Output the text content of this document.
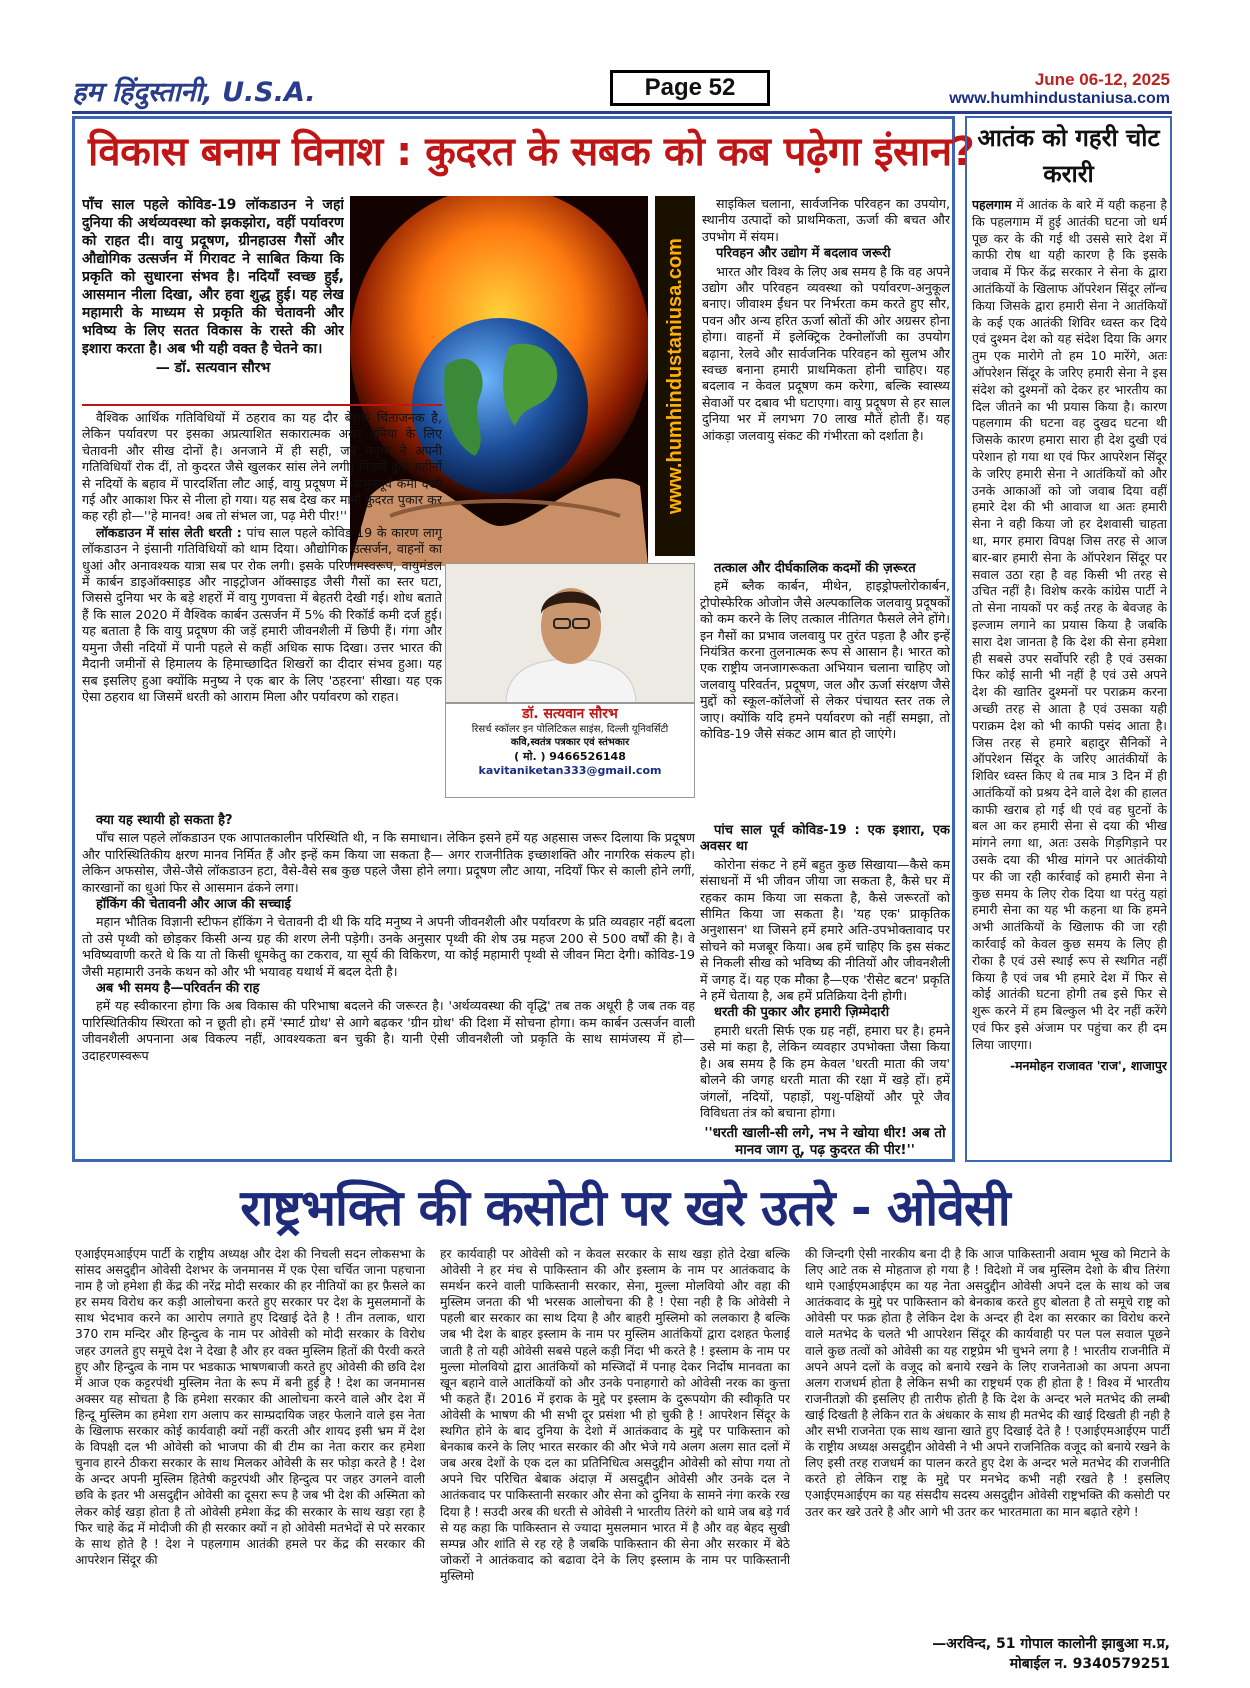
हम हिंदुस्तानी, U.S.A.	Page 52	June 06-12, 2025
www.humhindustaniusa.com
विकास बनाम विनाश : कुदरत के सबक को कब पढ़ेगा इंसान?
पाँच साल पहले कोविड-19 लॉकडाउन ने जहां दुनिया की अर्थव्यवस्था को झकझोरा, वहीं पर्यावरण को राहत दी। वायु प्रदूषण, ग्रीनहाउस गैसों और औद्योगिक उत्सर्जन में गिरावट ने साबित किया कि प्रकृति को सुधारना संभव है। नदियाँ स्वच्छ हुईं, आसमान नीला दिखा, और हवा शुद्ध हुई। यह लेख महामारी के माध्यम से प्रकृति की चेतावनी और भविष्य के लिए सतत विकास के रास्ते की ओर इशारा करता है। अब भी यही वक्त है चेतने का।
— डॉ. सत्यवान सौरभ	www.humhindustaniusa.com
डॉ. सत्यवान सौरभ
रिसर्च स्कॉलर इन पोलिटिकल साइंस, दिल्ली यूनिवर्सिटी
कवि,स्वतंत्र पत्रकार एवं स्तंभकार
( मो. ) 9466526148
kavitaniketan333@gmail.com

वैश्विक आर्थिक गतिविधियों में ठहराव का यह दौर बेशक चिंताजनक है, लेकिन पर्यावरण पर इसका अप्रत्याशित सकारात्मक असर दुनिया के लिए चेतावनी और सीख दोनों है। अनजाने में ही सही, जब मनुष्य ने अपनी गतिविधियाँ रोक दीं, तो कुदरत जैसे खुलकर सांस लेने लगी। पिछले कुछ महीनों से नदियों के बहाव में पारदर्शिता लौट आई, वायु प्रदूषण में अभूतपूर्व कमी देखी गई और आकाश फिर से नीला हो गया। यह सब देख कर मानो कुदरत पुकार कर कह रही हो—''हे मानव! अब तो संभल जा, पढ़ मेरी पीर!''

लॉकडाउन में सांस लेती धरती : पांच साल पहले कोविड-19 के कारण लागू लॉकडाउन ने इंसानी गतिविधियों को थाम दिया। औद्योगिक उत्सर्जन, वाहनों का धुआं और अनावश्यक यात्रा सब पर रोक लगी। इसके परिणामस्वरूप, वायुमंडल में कार्बन डाइऑक्साइड और नाइट्रोजन ऑक्साइड जैसी गैसों का स्तर घटा, जिससे दुनिया भर के बड़े शहरों में वायु गुणवत्ता में बेहतरी देखी गई। शोध बताते हैं कि साल 2020 में वैश्विक कार्बन उत्सर्जन में 5% की रिकॉर्ड कमी दर्ज हुई। यह बताता है कि वायु प्रदूषण की जड़ें हमारी जीवनशैली में छिपी हैं। गंगा और यमुना जैसी नदियों में पानी पहले से कहीं अधिक साफ दिखा। उत्तर भारत की मैदानी जमीनों से हिमालय के हिमाच्छादित शिखरों का दीदार संभव हुआ। यह सब इसलिए हुआ क्योंकि मनुष्य ने एक बार के लिए 'ठहरना' सीखा। यह एक ऐसा ठहराव था जिसमें धरती को आराम मिला और पर्यावरण को राहत।

क्या यह स्थायी हो सकता है?

पाँच साल पहले लॉकडाउन एक आपातकालीन परिस्थिति थी, न कि समाधान। लेकिन इसने हमें यह अहसास जरूर दिलाया कि प्रदूषण और पारिस्थितिकीय क्षरण मानव निर्मित हैं और इन्हें कम किया जा सकता है— अगर राजनीतिक इच्छाशक्ति और नागरिक संकल्प हो। लेकिन अफसोस, जैसे-जैसे लॉकडाउन हटा, वैसे-वैसे सब कुछ पहले जैसा होने लगा। प्रदूषण लौट आया, नदियाँ फिर से काली होने लगीं, कारखानों का धुआं फिर से आसमान ढंकने लगा।

हॉकिंग की चेतावनी और आज की सच्चाई

महान भौतिक विज्ञानी स्टीफन हॉकिंग ने चेतावनी दी थी कि यदि मनुष्य ने अपनी जीवनशैली और पर्यावरण के प्रति व्यवहार नहीं बदला तो उसे पृथ्वी को छोड़कर किसी अन्य ग्रह की शरण लेनी पड़ेगी। उनके अनुसार पृथ्वी की शेष उम्र महज 200 से 500 वर्षों की है। वे भविष्यवाणी करते थे कि या तो किसी धूमकेतु का टकराव, या सूर्य की विकिरण, या कोई महामारी पृथ्वी से जीवन मिटा देगी। कोविड-19 जैसी महामारी उनके कथन को और भी भयावह यथार्थ में बदल देती है।

अब भी समय है—परिवर्तन की राह

हमें यह स्वीकारना होगा कि अब विकास की परिभाषा बदलने की जरूरत है। 'अर्थव्यवस्था की वृद्धि' तब तक अधूरी है जब तक वह पारिस्थितिकीय स्थिरता को न छूती हो। हमें 'स्मार्ट ग्रोथ' से आगे बढ़कर 'ग्रीन ग्रोथ' की दिशा में सोचना होगा। कम कार्बन उत्सर्जन वाली जीवनशैली अपनाना अब विकल्प नहीं, आवश्यकता बन चुकी है। यानी ऐसी जीवनशैली जो प्रकृति के साथ सामंजस्य में हो—उदाहरणस्वरूप

साइकिल चलाना, सार्वजनिक परिवहन का उपयोग, स्थानीय उत्पादों को प्राथमिकता, ऊर्जा की बचत और उपभोग में संयम।

परिवहन और उद्योग में बदलाव जरूरी

भारत और विश्व के लिए अब समय है कि वह अपने उद्योग और परिवहन व्यवस्था को पर्यावरण-अनुकूल बनाए। जीवाश्म ईंधन पर निर्भरता कम करते हुए सौर, पवन और अन्य हरित ऊर्जा स्रोतों की ओर अग्रसर होना होगा। वाहनों में इलेक्ट्रिक टेक्नोलॉजी का उपयोग बढ़ाना, रेलवे और सार्वजनिक परिवहन को सुलभ और स्वच्छ बनाना हमारी प्राथमिकता होनी चाहिए। यह बदलाव न केवल प्रदूषण कम करेगा, बल्कि स्वास्थ्य सेवाओं पर दबाव भी घटाएगा। वायु प्रदूषण से हर साल दुनिया भर में लगभग 70 लाख मौतें होती हैं। यह आंकड़ा जलवायु संकट की गंभीरता को दर्शाता है।

तत्काल और दीर्घकालिक कदमों की ज़रूरत

हमें ब्लैक कार्बन, मीथेन, हाइड्रोफ्लोरोकार्बन, ट्रोपोस्फेरिक ओजोन जैसे अल्पकालिक जलवायु प्रदूषकों को कम करने के लिए तत्काल नीतिगत फैसले लेने होंगे। इन गैसों का प्रभाव जलवायु पर तुरंत पड़ता है और इन्हें नियंत्रित करना तुलनात्मक रूप से आसान है। भारत को एक राष्ट्रीय जनजागरूकता अभियान चलाना चाहिए जो जलवायु परिवर्तन, प्रदूषण, जल और ऊर्जा संरक्षण जैसे मुद्दों को स्कूल-कॉलेजों से लेकर पंचायत स्तर तक ले जाए। क्योंकि यदि हमने पर्यावरण को नहीं समझा, तो कोविड-19 जैसे संकट आम बात हो जाएंगे।

पांच साल पूर्व कोविड-19 : एक इशारा, एक अवसर था

कोरोना संकट ने हमें बहुत कुछ सिखाया—कैसे कम संसाधनों में भी जीवन जीया जा सकता है, कैसे घर में रहकर काम किया जा सकता है, कैसे जरूरतों को सीमित किया जा सकता है। 'यह एक' प्राकृतिक अनुशासन' था जिसने हमें हमारे अति-उपभोक्तावाद पर सोचने को मजबूर किया। अब हमें चाहिए कि इस संकट से निकली सीख को भविष्य की नीतियों और जीवनशैली में जगह दें। यह एक मौका है—एक 'रीसेट बटन' प्रकृति ने हमें चेताया है, अब हमें प्रतिक्रिया देनी होगी।

धरती की पुकार और हमारी ज़िम्मेदारी

हमारी धरती सिर्फ एक ग्रह नहीं, हमारा घर है। हमने उसे मां कहा है, लेकिन व्यवहार उपभोक्ता जैसा किया है। अब समय है कि हम केवल 'धरती माता की जय' बोलने की जगह धरती माता की रक्षा में खड़े हों। हमें जंगलों, नदियों, पहाड़ों, पशु-पक्षियों और पूरे जैव विविधता तंत्र को बचाना होगा।

''धरती खाली-सी लगे, नभ ने खोया धीर! अब तो मानव जाग तू, पढ़ कुदरत की पीर!''

आतंक को गहरी चोट करारी

पहलगाम में आतंक के बारे में यही कहना है कि पहलगाम में हुई आतंकी घटना जो धर्म पूछ कर के की गई थी उससे सारे देश में काफी रोष था यही कारण है कि इसके जवाब में फिर केंद्र सरकार ने सेना के द्वारा आतंकियों के खिलाफ ऑपरेशन सिंदूर लॉन्च किया जिसके द्वारा हमारी सेना ने आतंकियों के कई एक आतंकी शिविर ध्वस्त कर दिये एवं दुश्मन देश को यह संदेश दिया कि अगर तुम एक मारोगे तो हम 10 मारेंगे, अतः ऑपरेशन सिंदूर के जरिए हमारी सेना ने इस संदेश को दुश्मनों को देकर हर भारतीय का दिल जीतने का भी प्रयास किया है। कारण पहलगाम की घटना वह दुखद घटना थी जिसके कारण हमारा सारा ही देश दुखी एवं परेशान हो गया था एवं फिर आपरेशन सिंदूर के जरिए हमारी सेना ने आतंकियों को और उनके आकाओं को जो जवाब दिया वहीं हमारे देश की भी आवाज था अतः हमारी सेना ने वही किया जो हर देशवासी चाहता था, मगर हमारा विपक्ष जिस तरह से आज बार-बार हमारी सेना के ऑपरेशन सिंदूर पर सवाल उठा रहा है वह किसी भी तरह से उचित नहीं है। विशेष करके कांग्रेस पार्टी ने तो सेना नायकों पर कई तरह के बेवजह के इल्जाम लगाने का प्रयास किया है जबकि सारा देश जानता है कि देश की सेना हमेशा ही सबसे उपर सर्वोपरि रही है एवं उसका फिर कोई सानी भी नहीं है एवं उसे अपने देश की खातिर दुश्मनों पर पराक्रम करना अच्छी तरह से आता है एवं उसका यही पराक्रम देश को भी काफी पसंद आता है। जिस तरह से हमारे बहादुर सैनिकों ने ऑपरेशन सिंदूर के जरिए आतंकीयों के शिविर ध्वस्त किए थे तब मात्र 3 दिन में ही आतंकियों को प्रश्रय देने वाले देश की हालत काफी खराब हो गई थी एवं वह घुटनों के बल आ कर हमारी सेना से दया की भीख मांगने लगा था, अतः उसके गिड़गिड़ाने पर उसके दया की भीख मांगने पर आतंकीयो पर की जा रही कार्रवाई को हमारी सेना ने कुछ समय के लिए रोक दिया था परंतु यहां हमारी सेना का यह भी कहना था कि हमने अभी आतंकियों के खिलाफ की जा रही कार्रवाई को केवल कुछ समय के लिए ही रोका है एवं उसे स्थाई रूप से स्थगित नहीं किया है एवं जब भी हमारे देश में फिर से कोई आतंकी घटना होगी तब इसे फिर से शुरू करने में हम बिल्कुल भी देर नहीं करेंगे एवं फिर इसे अंजाम पर पहुंचा कर ही दम लिया जाएगा।

-मनमोहन राजावत 'राज', शाजापुर
राष्ट्रभक्ति की कसोटी पर खरे उतरे - ओवेसी

एआईएमआईएम पार्टी के राष्ट्रीय अध्यक्ष और देश की निचली सदन लोकसभा के सांसद असदुद्दीन ओवेसी देशभर के जनमानस में एक ऐसा चर्चित जाना पहचाना नाम है जो हमेशा ही केंद्र की नरेंद्र मोदी सरकार की हर नीतियों का हर फ़ैसले का हर समय विरोध कर कड़ी आलोचना करते हुए सरकार पर देश के मुसलमानों के साथ भेदभाव करने का आरोप लगाते हुए दिखाई देते है ! तीन तलाक, धारा 370 राम मन्दिर और हिन्दुत्व के नाम पर ओवेसी को मोदी सरकार के विरोध जहर उगलते हुए समूचे देश ने देखा है और हर वक्त मुस्लिम हितों की पैरवी करते हुए और हिन्दुत्व के नाम पर भडकाऊ भाषणबाजी करते हुए ओवेसी की छवि देश में आज एक कट्टरपंथी मुस्लिम नेता के रूप में बनी हुई है ! देश का जनमानस अक्सर यह सोचता है कि हमेशा सरकार की आलोचना करने वाले और देश में हिन्दू मुस्लिम का हमेशा राग अलाप कर साम्प्रदायिक जहर फेलाने वाले इस नेता के खिलाफ सरकार कोई कार्यवाही क्यों नहीं करती और शायद इसी भ्रम में देश के विपक्षी दल भी ओवेसी को भाजपा की बी टीम का नेता करार कर हमेशा चुनाव हारने ठीकरा सरकार के साथ मिलकर ओवेसी के सर फोड़ा करते है ! देश के अन्दर अपनी मुस्लिम हितेषी कट्टरपंथी और हिन्दुत्व पर जहर उगलने वाली छवि के इतर भी असदुद्दीन ओवेसी का दूसरा रूप है जब भी देश की अस्मिता को लेकर कोई खड़ा होता है तो ओवेसी हमेशा केंद्र की सरकार के साथ खड़ा रहा है फिर चाहे केंद्र में मोदीजी की ही सरकार क्यों न हो ओवेसी मतभेदों से परे सरकार के साथ होते है ! देश ने पहलगाम आतंकी हमले पर केंद्र की सरकार की आपरेशन सिंदूर की

हर कार्यवाही पर ओवेसी को न केवल सरकार के साथ खड़ा होते देखा बल्कि ओवेसी ने हर मंच से पाकिस्तान की और इस्लाम के नाम पर आतंकवाद के समर्थन करने वाली पाकिस्तानी सरकार, सेना, मुल्ला मोलवियो और वहा की मुस्लिम जनता की भी भरसक आलोचना की है ! ऐसा नही है कि ओवेसी ने पहली बार सरकार का साथ दिया है और बाहरी मुस्लिमो को ललकारा है बल्कि जब भी देश के बाहर इस्लाम के नाम पर मुस्लिम आतंकियों द्वारा दशहत फेलाई जाती है तो यही ओवेसी सबसे पहले कड़ी निंदा भी करते है ! इस्लाम के नाम पर मुल्ला मोलवियो द्वारा आतंकियों को मस्जिदों में पनाह देकर निर्दोष मानवता का खून बहाने वाले आतंकियों को और उनके पनाहगारो को ओवेसी नरक का कुत्ता भी कहते हैं। 2016 में इराक के मुद्दे पर इस्लाम के दुरूपयोग की स्वीकृति पर ओवेसी के भाषण की भी सभी दूर प्रसंशा भी हो चुकी है ! आपरेशन सिंदूर के स्थगित होने के बाद दुनिया के देशो में आतंकवाद के मुद्दे पर पाकिस्तान को बेनकाब करने के लिए भारत सरकार की और भेजे गये अलग अलग सात दलों में जब अरब देशों के एक दल का प्रतिनिधित्व असदुद्दीन ओवेसी को सोपा गया तो अपने चिर परिचित बेबाक अंदाज़ में असदुद्दीन ओवेसी और उनके दल ने आतंकवाद पर पाकिस्तानी सरकार और सेना को दुनिया के सामने नंगा करके रख दिया है ! सउदी अरब की धरती से ओवेसी ने भारतीय तिरंगे को थामे जब बड़े गर्व से यह कहा कि पाकिस्तान से ज्यादा मुसलमान भारत में है और वह बेहद सुखी सम्पन्न और शांति से रह रहे है जबकि पाकिस्तान की सेना और सरकार में बेठे जोकरों ने आतंकवाद को बढावा देने के लिए इस्लाम के नाम पर पाकिस्तानी मुस्लिमो

की जिन्दगी ऐसी नारकीय बना दी है कि आज पाकिस्तानी अवाम भूख को मिटाने के लिए आटे तक से मोहताज हो गया है ! विदेशो में जब मुस्लिम देशो के बीच तिरंगा थामे एआईएमआईएम का यह नेता असदुद्दीन ओवेसी अपने दल के साथ को जब आतंकवाद के मुद्दे पर पाकिस्तान को बेनकाब करते हुए बोलता है तो समूचे राष्ट्र को ओवेसी पर फक्र होता है लेकिन देश के अन्दर ही देश का सरकार का विरोध करने वाले मतभेद के चलते भी आपरेशन सिंदूर की कार्यवाही पर पल पल सवाल पूछने वाले कुछ तत्वों को ओवेसी का यह राष्ट्रप्रेम भी चुभने लगा है ! भारतीय राजनीति में अपने अपने दलों के वजूद को बनाये रखने के लिए राजनेताओ का अपना अपना अलग राजधर्म होता है लेकिन सभी का राष्ट्रधर्म एक ही होता है ! विश्व में भारतीय राजनीतज्ञो की इसलिए ही तारीफ होती है कि देश के अन्दर भले मतभेद की लम्बी खाई दिखती है लेकिन रात के अंधकार के साथ ही मतभेद की खाई दिखती ही नही है और सभी राजनेता एक साथ खाना खाते हुए दिखाई देते है ! एआईएमआईएम पार्टी के राष्ट्रीय अध्यक्ष असदुद्दीन ओवेसी ने भी अपने राजनितिक वजूद को बनाये रखने के लिए इसी तरह राजधर्म का पालन करते हुए देश के अन्दर भले मतभेद की राजनीति करते हो लेकिन राष्ट्र के मुद्दे पर मनभेद कभी नही रखते है ! इसलिए एआईएमआईएम का यह संसदीय सदस्य असदुद्दीन ओवेसी राष्ट्रभक्ति की कसोटी पर उतर कर खरे उतरे है और आगे भी उतर कर भारतमाता का मान बढ़ाते रहेगे !

—अरविन्द, 51 गोपाल कालोनी झाबुआ म.प्र,
मोबाईल न. 9340579251
